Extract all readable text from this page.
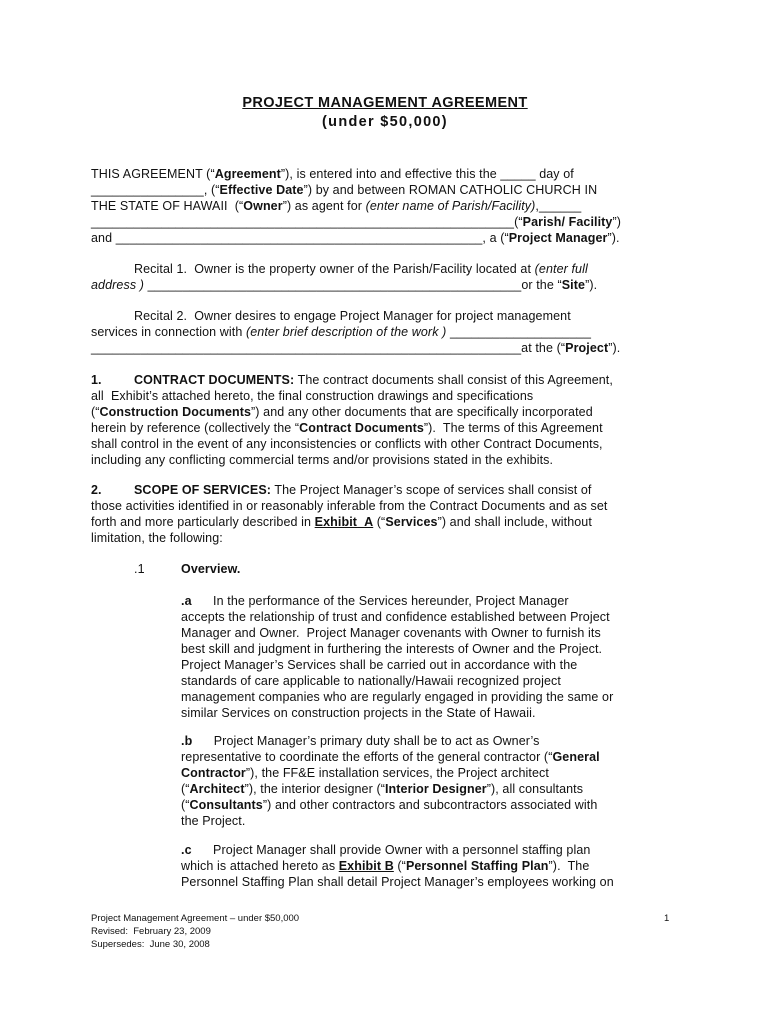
PROJECT MANAGEMENT AGREEMENT
(under $50,000)
THIS AGREEMENT (“Agreement”), is entered into and effective this the _____ day of
________________, (“Effective Date”) by and between ROMAN CATHOLIC CHURCH IN
THE STATE OF HAWAII  (“Owner”) as agent for (enter name of Parish/Facility),______
____________________________________________________________(“Parish/ Facility”)
and ____________________________________________________, a (“Project Manager”).
Recital 1.  Owner is the property owner of the Parish/Facility located at (enter full
address ) _____________________________________________________or the “Site”).
Recital 2.  Owner desires to engage Project Manager for project management
services in connection with (enter brief description of the work ) ____________________
_____________________________________________________________at the (“Project”).
1.	CONTRACT DOCUMENTS: The contract documents shall consist of this Agreement,
all  Exhibit’s attached hereto, the final construction drawings and specifications
(“Construction Documents”) and any other documents that are specifically incorporated
herein by reference (collectively the “Contract Documents”).  The terms of this Agreement
shall control in the event of any inconsistencies or conflicts with other Contract Documents,
including any conflicting commercial terms and/or provisions stated in the exhibits.
2.	SCOPE OF SERVICES: The Project Manager’s scope of services shall consist of
those activities identified in or reasonably inferable from the Contract Documents and as set
forth and more particularly described in Exhibit_A (“Services”) and shall include, without
limitation, the following:
.1	Overview.
.a      In the performance of the Services hereunder, Project Manager
accepts the relationship of trust and confidence established between Project
Manager and Owner.  Project Manager covenants with Owner to furnish its
best skill and judgment in furthering the interests of Owner and the Project.
Project Manager’s Services shall be carried out in accordance with the
standards of care applicable to nationally/Hawaii recognized project
management companies who are regularly engaged in providing the same or
similar Services on construction projects in the State of Hawaii.
.b      Project Manager’s primary duty shall be to act as Owner’s
representative to coordinate the efforts of the general contractor (“General
Contractor”), the FF&E installation services, the Project architect
(“Architect”), the interior designer (“Interior Designer”), all consultants
(“Consultants”) and other contractors and subcontractors associated with
the Project.
.c      Project Manager shall provide Owner with a personnel staffing plan
which is attached hereto as Exhibit B (“Personnel Staffing Plan”).  The
Personnel Staffing Plan shall detail Project Manager’s employees working on
Project Management Agreement – under $50,000
Revised:  February 23, 2009
Supersedes:  June 30, 2008
1
